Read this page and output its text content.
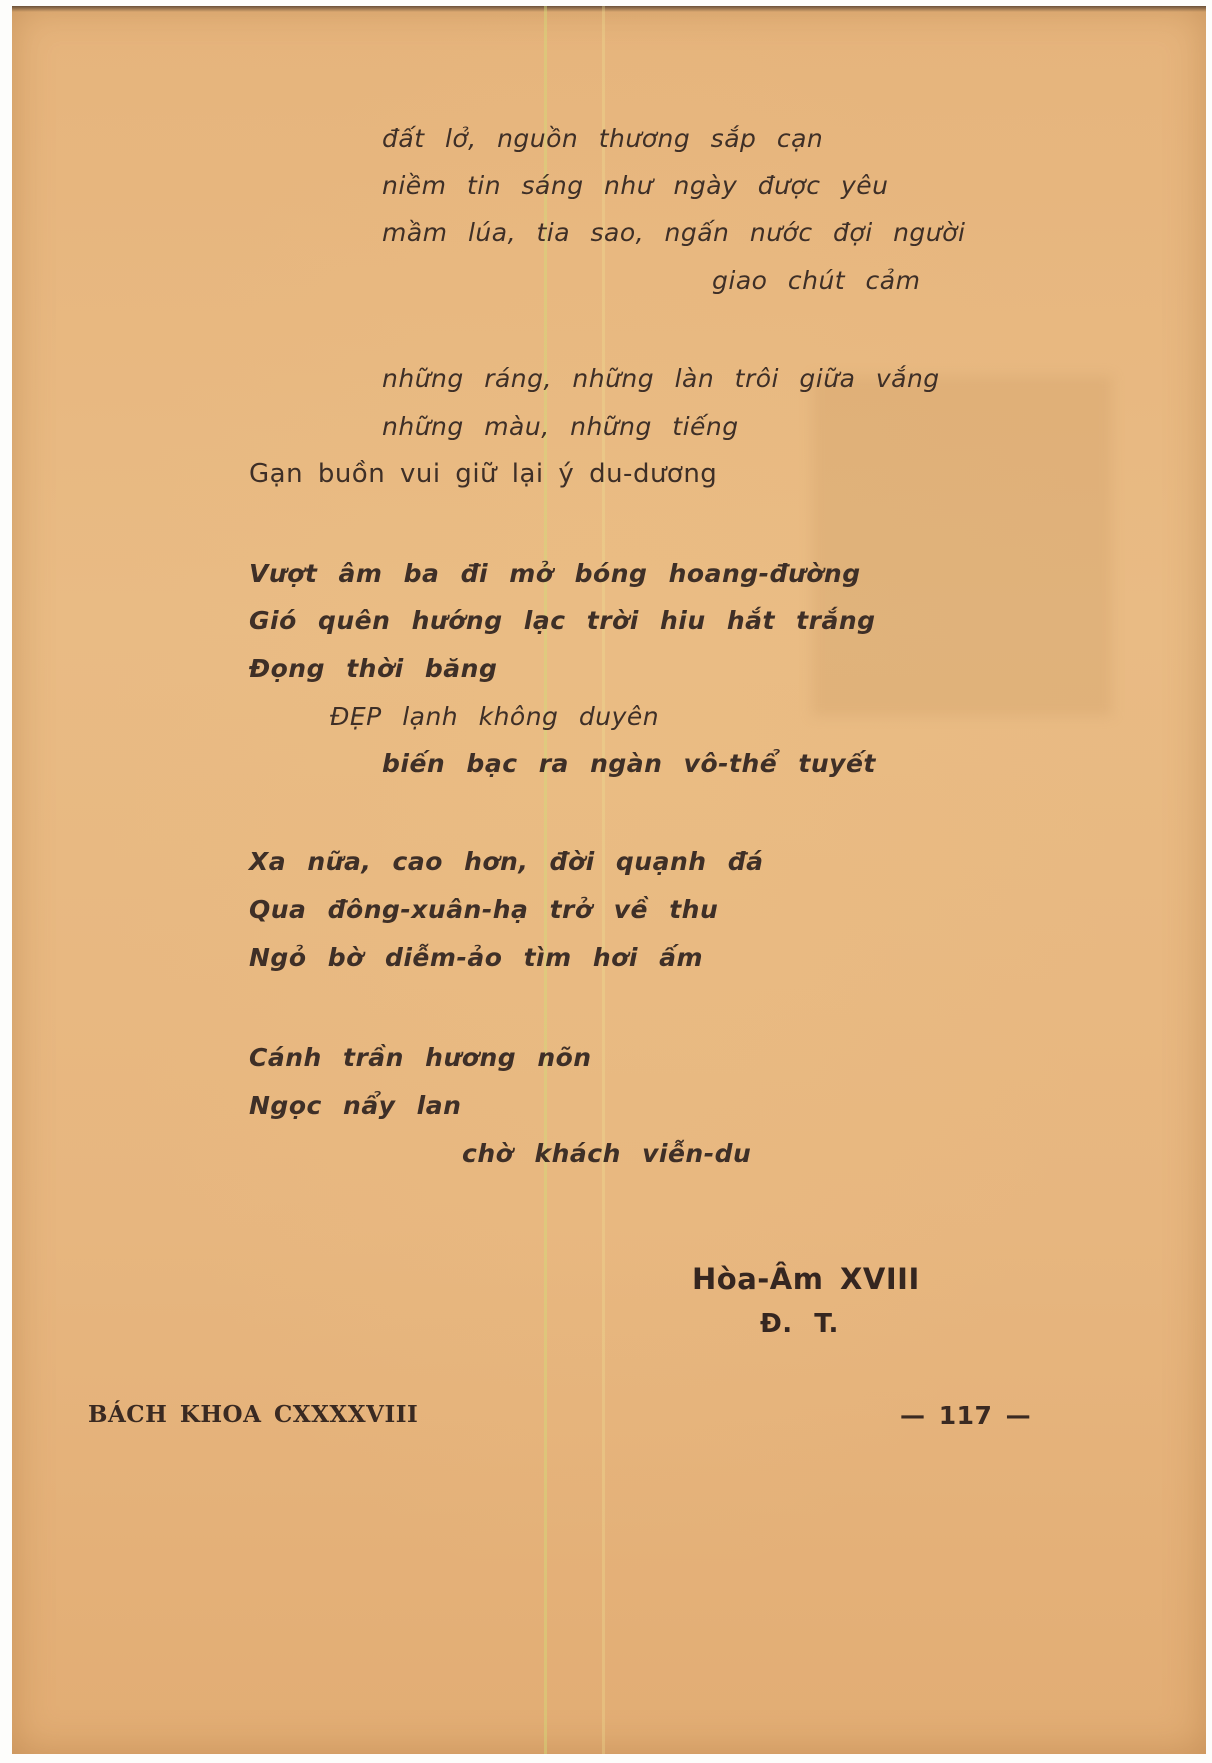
đất lở, nguồn thương sắp cạn
niềm tin sáng như ngày được yêu
mầm lúa, tia sao, ngấn nước đợi người
giao chút cảm
những ráng, những làn trôi giữa vắng
những màu, những tiếng
Gạn buồn vui giữ lại ý du-dương
Vượt âm ba đi mở bóng hoang-đường
Gió quên hướng lạc trời hiu hắt trắng
Đọng thời băng
ĐẸP lạnh không duyên
biến bạc ra ngàn vô-thể tuyết
Xa nữa, cao hơn, đời quạnh đá
Qua đông-xuân-hạ trở về thu
Ngỏ bờ diễm-ảo tìm hơi ấm
Cánh trần hương nõn
Ngọc nẩy lan
chờ khách viễn-du
Hòa-Âm XVIII
Đ. T.
BÁCH KHOA CXXXXVIII	— 117 —
